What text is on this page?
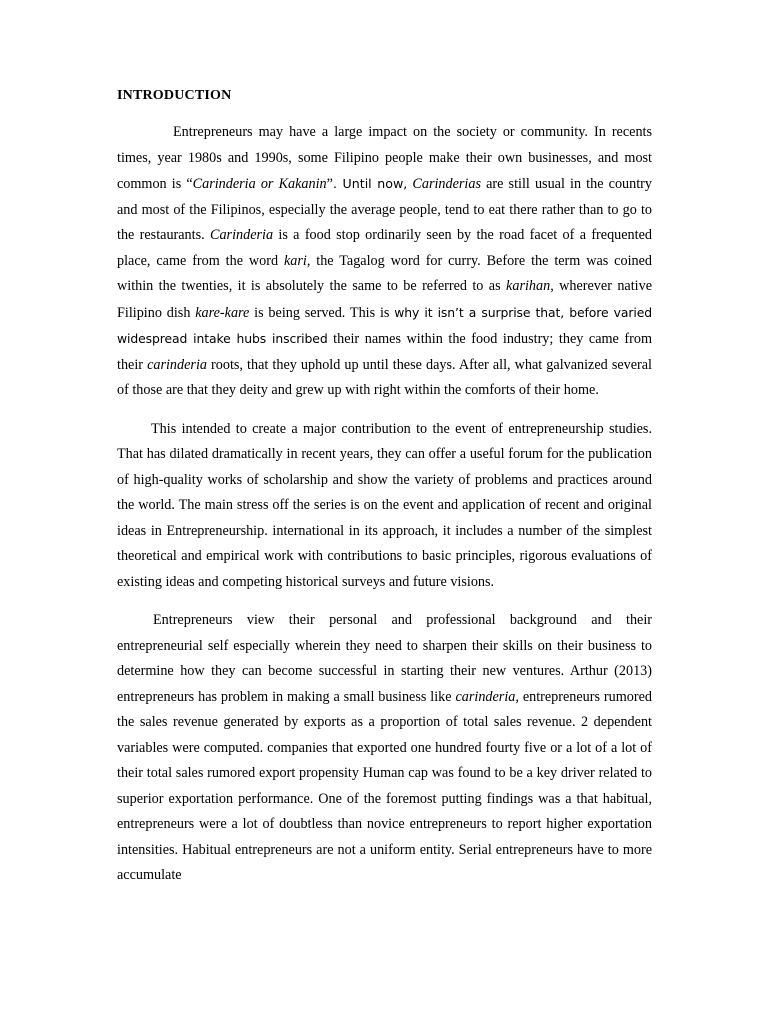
INTRODUCTION

Entrepreneurs may have a large impact on the society or community. In recents times, year 1980s and 1990s, some Filipino people make their own businesses, and most common is “Carinderia or Kakanin”. Until now, Carinderias are still usual in the country and most of the Filipinos, especially the average people, tend to eat there rather than to go to the restaurants. Carinderia is a food stop ordinarily seen by the road facet of a frequented place, came from the word kari, the Tagalog word for curry. Before the term was coined within the twenties, it is absolutely the same to be referred to as karihan, wherever native Filipino dish kare-kare is being served. This is why it isn’t a surprise that, before varied widespread intake hubs inscribed their names within the food industry; they came from their carinderia roots, that they uphold up until these days. After all, what galvanized several of those are that they deity and grew up with right within the comforts of their home.

This intended to create a major contribution to the event of entrepreneurship studies. That has dilated dramatically in recent years, they can offer a useful forum for the publication of high-quality works of scholarship and show the variety of problems and practices around the world. The main stress off the series is on the event and application of recent and original ideas in Entrepreneurship. international in its approach, it includes a number of the simplest theoretical and empirical work with contributions to basic principles, rigorous evaluations of existing ideas and competing historical surveys and future visions.

Entrepreneurs view their personal and professional background and their entrepreneurial self especially wherein they need to sharpen their skills on their business to determine how they can become successful in starting their new ventures. Arthur (2013) entrepreneurs has problem in making a small business like carinderia, entrepreneurs rumored the sales revenue generated by exports as a proportion of total sales revenue. 2 dependent variables were computed. companies that exported one hundred fourty five or a lot of a lot of their total sales rumored export propensity Human cap was found to be a key driver related to superior exportation performance. One of the foremost putting findings was a that habitual, entrepreneurs were a lot of doubtless than novice entrepreneurs to report higher exportation intensities. Habitual entrepreneurs are not a uniform entity. Serial entrepreneurs have to more accumulate
